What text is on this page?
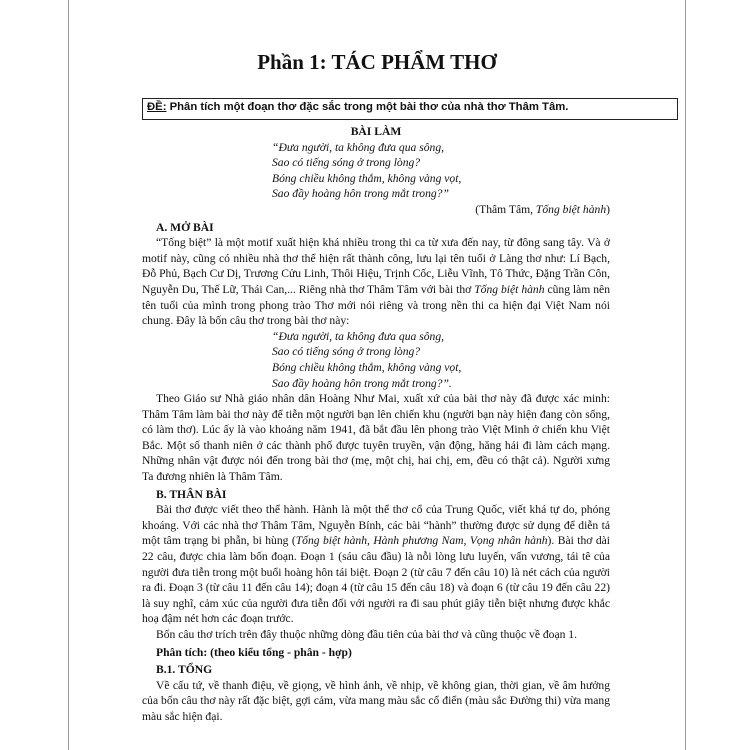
Phần 1: TÁC PHẨM THƠ
ĐỀ: Phân tích một đoạn thơ đặc sắc trong một bài thơ của nhà thơ Thâm Tâm.
BÀI LÀM
“Đưa người, ta không đưa qua sông,
Sao có tiếng sóng ở trong lòng?
Bóng chiều không thắm, không vàng vọt,
Sao đầy hoàng hôn trong mắt trong?”
(Thâm Tâm, Tống biệt hành)
A. MỞ BÀI
“Tống biệt” là một motif xuất hiện khá nhiều trong thi ca từ xưa đến nay, từ đông sang tây. Và ở motif này, cũng có nhiều nhà thơ thể hiện rất thành công, lưu lại tên tuổi ở Làng thơ như: Lí Bạch, Đỗ Phủ, Bạch Cư Dị, Trương Cửu Linh, Thôi Hiệu, Trịnh Cốc, Liễu Vĩnh, Tô Thức, Đặng Trần Côn, Nguyễn Du, Thế Lữ, Thái Can,... Riêng nhà thơ Thâm Tâm với bài thơ Tống biệt hành cũng làm nên tên tuổi của mình trong phong trào Thơ mới nói riêng và trong nền thi ca hiện đại Việt Nam nói chung. Đây là bốn câu thơ trong bài thơ này:
“Đưa người, ta không đưa qua sông,
Sao có tiếng sóng ở trong lòng?
Bóng chiều không thắm, không vàng vọt,
Sao đầy hoàng hôn trong mắt trong?”.
Theo Giáo sư Nhà giáo nhân dân Hoàng Như Mai, xuất xứ của bài thơ này đã được xác minh: Thâm Tâm làm bài thơ này để tiễn một người bạn lên chiến khu (người bạn này hiện đang còn sống, có làm thơ). Lúc ấy là vào khoảng năm 1941, đã bắt đầu lên phong trào Việt Minh ở chiến khu Việt Bắc. Một số thanh niên ở các thành phố được tuyên truyền, vận động, hăng hái đi làm cách mạng. Những nhân vật được nói đến trong bài thơ (mẹ, một chị, hai chị, em, đều có thật cả). Người xưng Ta đương nhiên là Thâm Tâm.
B. THÂN BÀI
Bài thơ được viết theo thể hành. Hành là một thể thơ cổ của Trung Quốc, viết khá tự do, phóng khoáng. Với các nhà thơ Thâm Tâm, Nguyễn Bính, các bài “hành” thường được sử dụng để diễn tả một tâm trạng bi phẫn, bi hùng (Tống biệt hành, Hành phương Nam, Vọng nhân hành). Bài thơ dài 22 câu, được chia làm bốn đoạn. Đoạn 1 (sáu câu đầu) là nỗi lòng lưu luyến, vấn vương, tái tê của người đưa tiễn trong một buổi hoàng hôn tái biệt. Đoạn 2 (từ câu 7 đến câu 10) là nét cách của người ra đi. Đoạn 3 (từ câu 11 đến câu 14); đoạn 4 (từ câu 15 đến câu 18) và đoạn 6 (từ câu 19 đến câu 22) là suy nghĩ, cảm xúc của người đưa tiễn đối với người ra đi sau phút giây tiễn biệt nhưng được khắc hoạ đậm nét hơn các đoạn trước.
Bốn câu thơ trích trên đây thuộc những dòng đầu tiên của bài thơ và cũng thuộc về đoạn 1.
Phân tích: (theo kiểu tổng - phân - hợp)
B.1. TỔNG
Về cấu tứ, về thanh điệu, về giọng, về hình ảnh, về nhịp, về không gian, thời gian, về âm hưởng của bốn câu thơ này rất đặc biệt, gợi cảm, vừa mang màu sắc cổ điển (màu sắc Đường thi) vừa mang màu sắc hiện đại.
